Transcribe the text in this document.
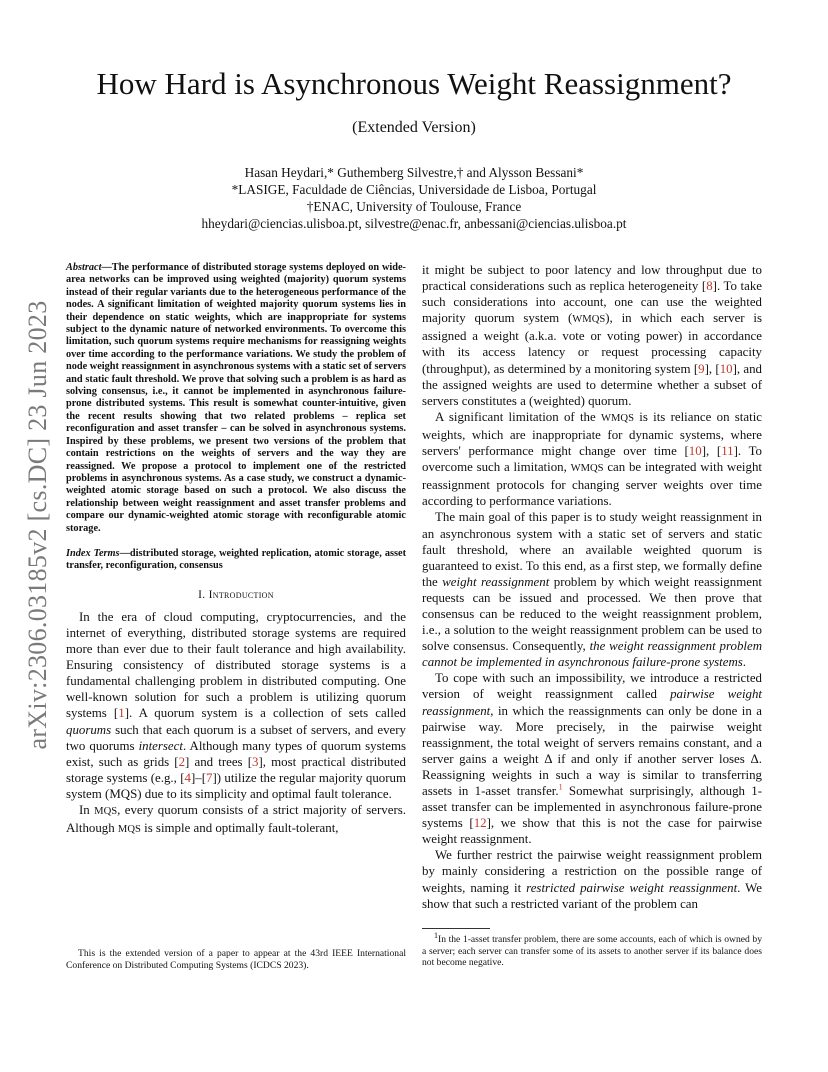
arXiv:2306.03185v2 [cs.DC] 23 Jun 2023
How Hard is Asynchronous Weight Reassignment?
(Extended Version)
Hasan Heydari,* Guthemberg Silvestre,† and Alysson Bessani*
*LASIGE, Faculdade de Ciências, Universidade de Lisboa, Portugal
†ENAC, University of Toulouse, France
hheydari@ciencias.ulisboa.pt, silvestre@enac.fr, anbessani@ciencias.ulisboa.pt

Abstract—The performance of distributed storage systems deployed on wide-area networks can be improved using weighted (majority) quorum systems instead of their regular variants due to the heterogeneous performance of the nodes. A significant limitation of weighted majority quorum systems lies in their dependence on static weights, which are inappropriate for systems subject to the dynamic nature of networked environments. To overcome this limitation, such quorum systems require mechanisms for reassigning weights over time according to the performance variations. We study the problem of node weight reassignment in asynchronous systems with a static set of servers and static fault threshold. We prove that solving such a problem is as hard as solving consensus, i.e., it cannot be implemented in asynchronous failure-prone distributed systems. This result is somewhat counter-intuitive, given the recent results showing that two related problems – replica set reconfiguration and asset transfer – can be solved in asynchronous systems. Inspired by these problems, we present two versions of the problem that contain restrictions on the weights of servers and the way they are reassigned. We propose a protocol to implement one of the restricted problems in asynchronous systems. As a case study, we construct a dynamic-weighted atomic storage based on such a protocol. We also discuss the relationship between weight reassignment and asset transfer problems and compare our dynamic-weighted atomic storage with reconfigurable atomic storage.

Index Terms—distributed storage, weighted replication, atomic storage, asset transfer, reconfiguration, consensus

I. Introduction

In the era of cloud computing, cryptocurrencies, and the internet of everything, distributed storage systems are required more than ever due to their fault tolerance and high availability. Ensuring consistency of distributed storage systems is a fundamental challenging problem in distributed computing. One well-known solution for such a problem is utilizing quorum systems [1]. A quorum system is a collection of sets called quorums such that each quorum is a subset of servers, and every two quorums intersect. Although many types of quorum systems exist, such as grids [2] and trees [3], most practical distributed storage systems (e.g., [4]–[7]) utilize the regular majority quorum system (MQS) due to its simplicity and optimal fault tolerance.

In MQS, every quorum consists of a strict majority of servers. Although MQS is simple and optimally fault-tolerant,

it might be subject to poor latency and low throughput due to practical considerations such as replica heterogeneity [8]. To take such considerations into account, one can use the weighted majority quorum system (WMQS), in which each server is assigned a weight (a.k.a. vote or voting power) in accordance with its access latency or request processing capacity (throughput), as determined by a monitoring system [9], [10], and the assigned weights are used to determine whether a subset of servers constitutes a (weighted) quorum.

A significant limitation of the WMQS is its reliance on static weights, which are inappropriate for dynamic systems, where servers' performance might change over time [10], [11]. To overcome such a limitation, WMQS can be integrated with weight reassignment protocols for changing server weights over time according to performance variations.

The main goal of this paper is to study weight reassignment in an asynchronous system with a static set of servers and static fault threshold, where an available weighted quorum is guaranteed to exist. To this end, as a first step, we formally define the weight reassignment problem by which weight reassignment requests can be issued and processed. We then prove that consensus can be reduced to the weight reassignment problem, i.e., a solution to the weight reassignment problem can be used to solve consensus. Consequently, the weight reassignment problem cannot be implemented in asynchronous failure-prone systems.

To cope with such an impossibility, we introduce a restricted version of weight reassignment called pairwise weight reassignment, in which the reassignments can only be done in a pairwise way. More precisely, in the pairwise weight reassignment, the total weight of servers remains constant, and a server gains a weight Δ if and only if another server loses Δ. Reassigning weights in such a way is similar to transferring assets in 1-asset transfer.$^1$ Somewhat surprisingly, although 1-asset transfer can be implemented in asynchronous failure-prone systems [12], we show that this is not the case for pairwise weight reassignment.

We further restrict the pairwise weight reassignment problem by mainly considering a restriction on the possible range of weights, naming it restricted pairwise weight reassignment. We show that such a restricted variant of the problem can

This is the extended version of a paper to appear at the 43rd IEEE International Conference on Distributed Computing Systems (ICDCS 2023).
$^1$In the 1-asset transfer problem, there are some accounts, each of which is owned by a server; each server can transfer some of its assets to another server if its balance does not become negative.
